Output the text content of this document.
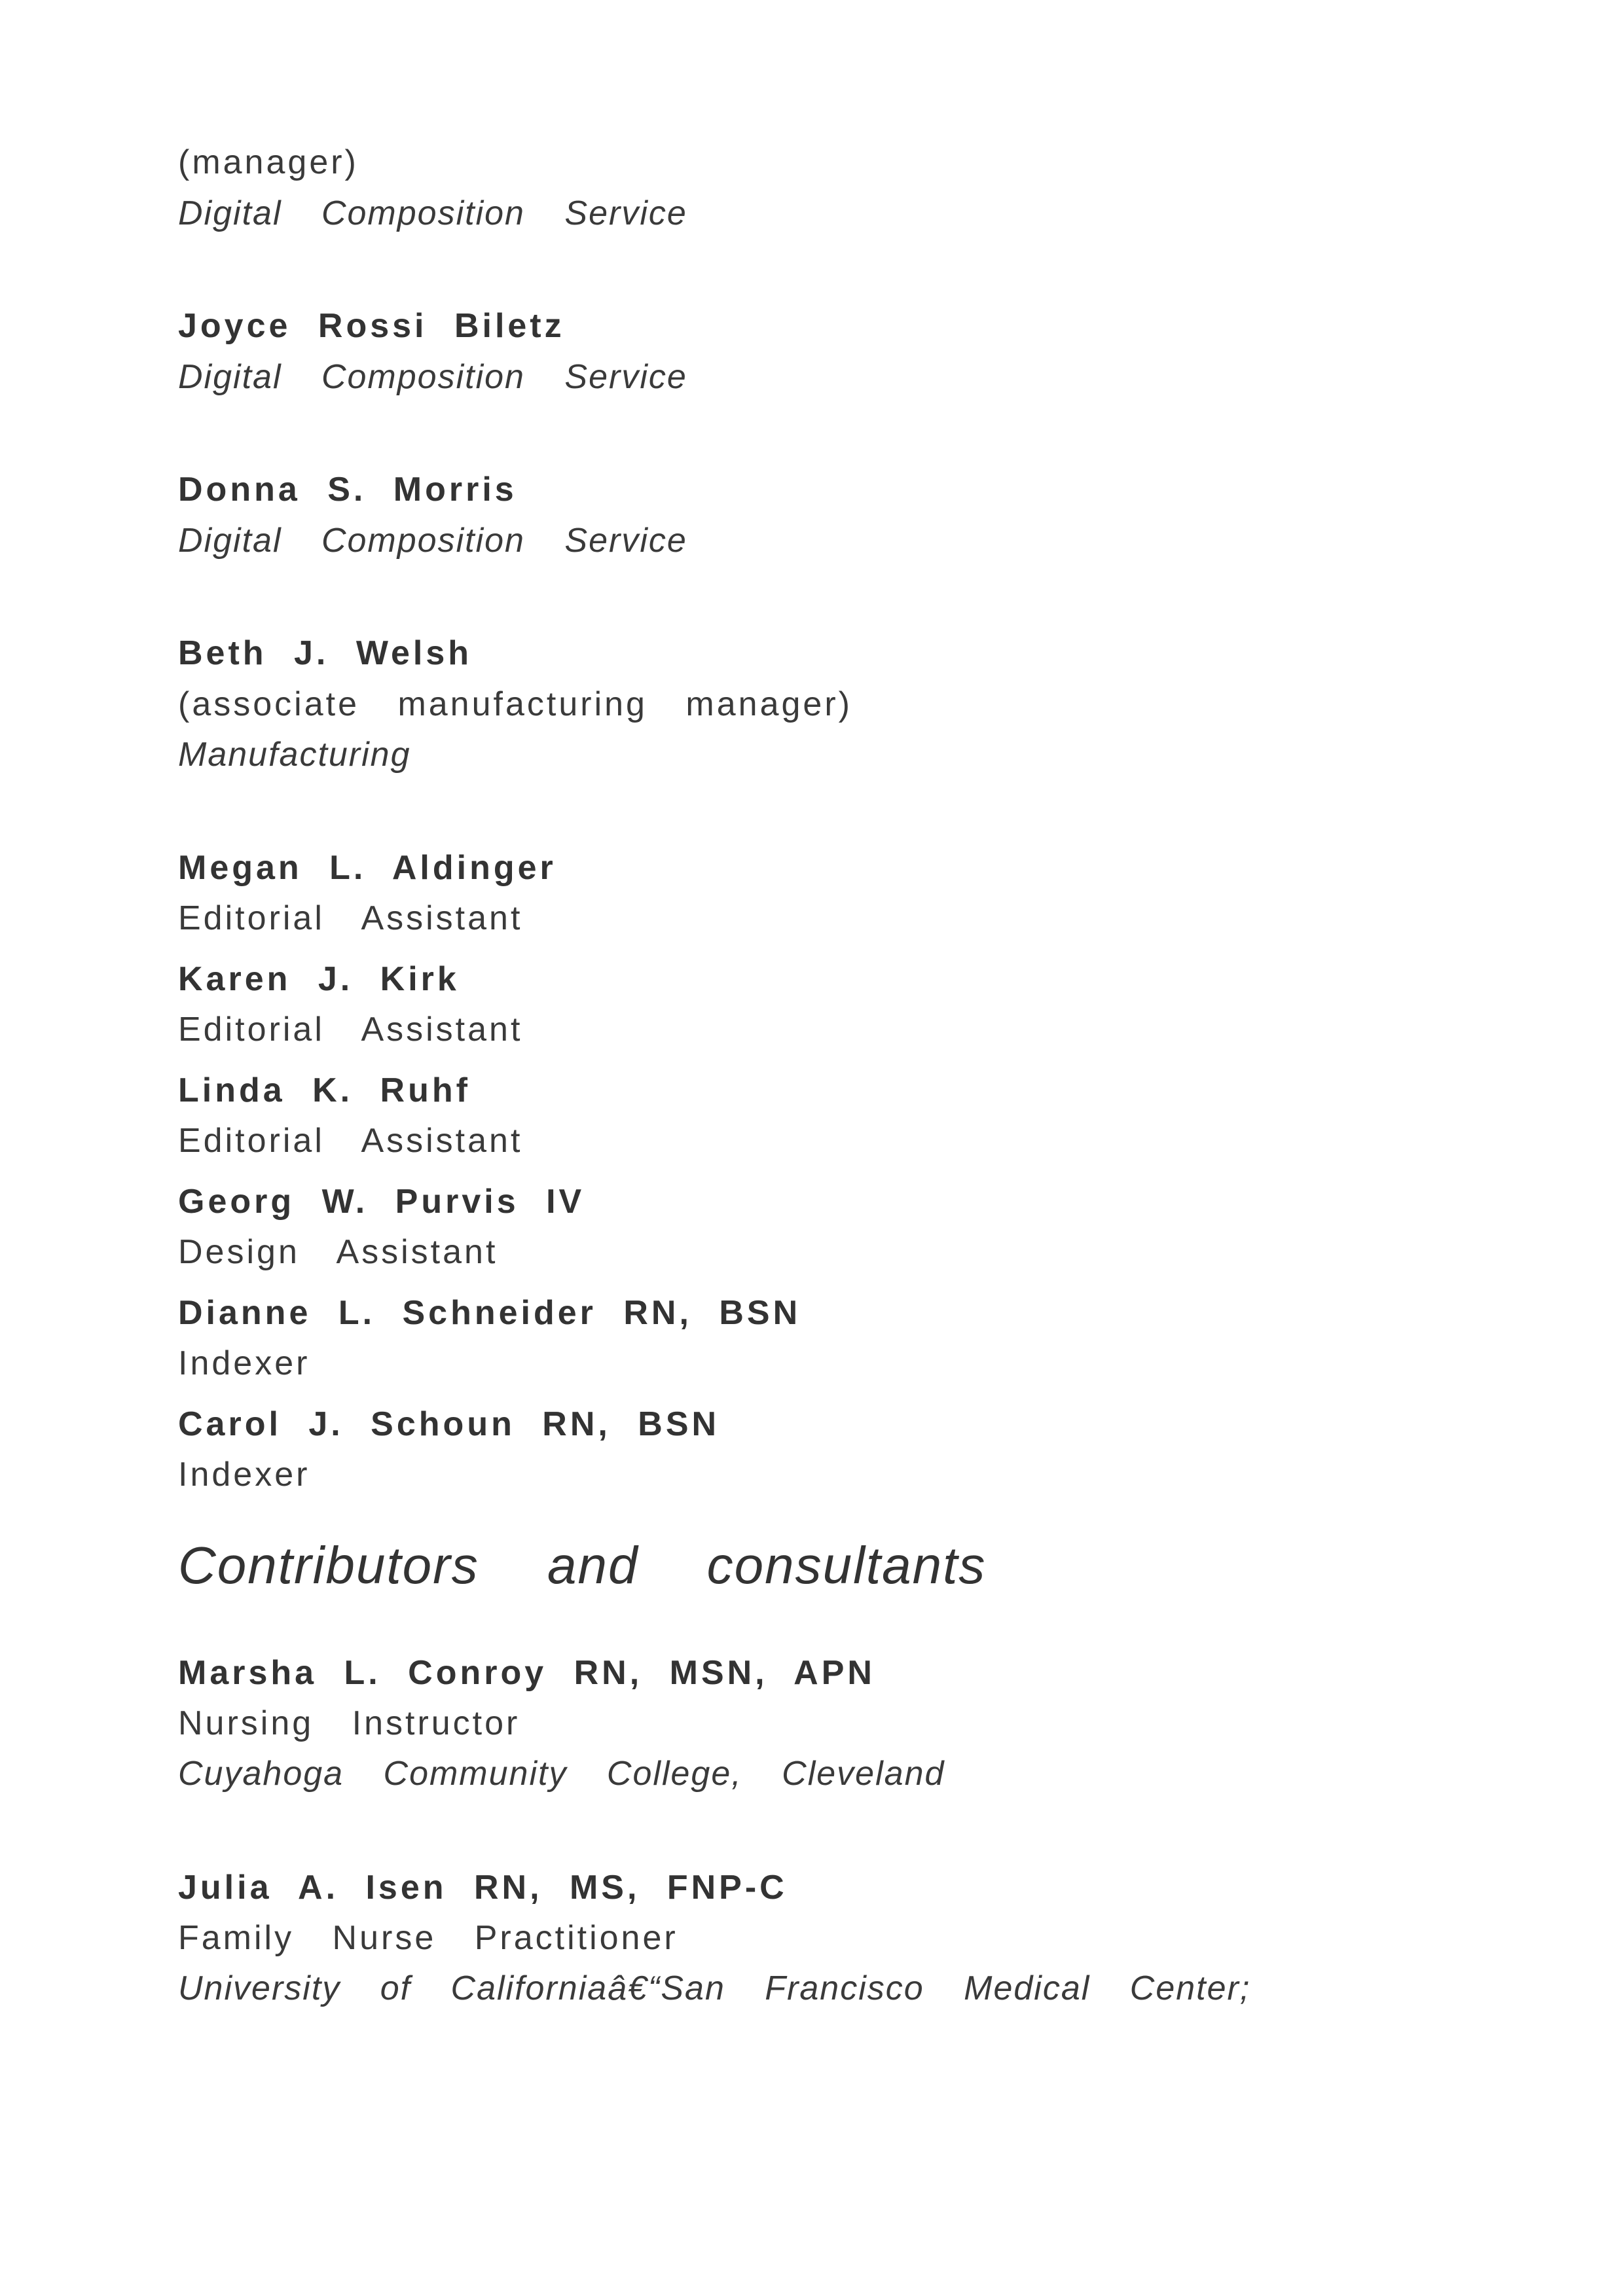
(manager)
Digital Composition Service
Joyce Rossi Biletz
Digital Composition Service
Donna S. Morris
Digital Composition Service
Beth J. Welsh
(associate manufacturing manager)
Manufacturing
Megan L. Aldinger
Editorial Assistant
Karen J. Kirk
Editorial Assistant
Linda K. Ruhf
Editorial Assistant
Georg W. Purvis IV
Design Assistant
Dianne L. Schneider RN, BSN
Indexer
Carol J. Schoun RN, BSN
Indexer
Contributors and consultants
Marsha L. Conroy RN, MSN, APN
Nursing Instructor
Cuyahoga Community College, Cleveland
Julia A. Isen RN, MS, FNP-C
Family Nurse Practitioner
University of Californiaâ€“San Francisco Medical Center;
